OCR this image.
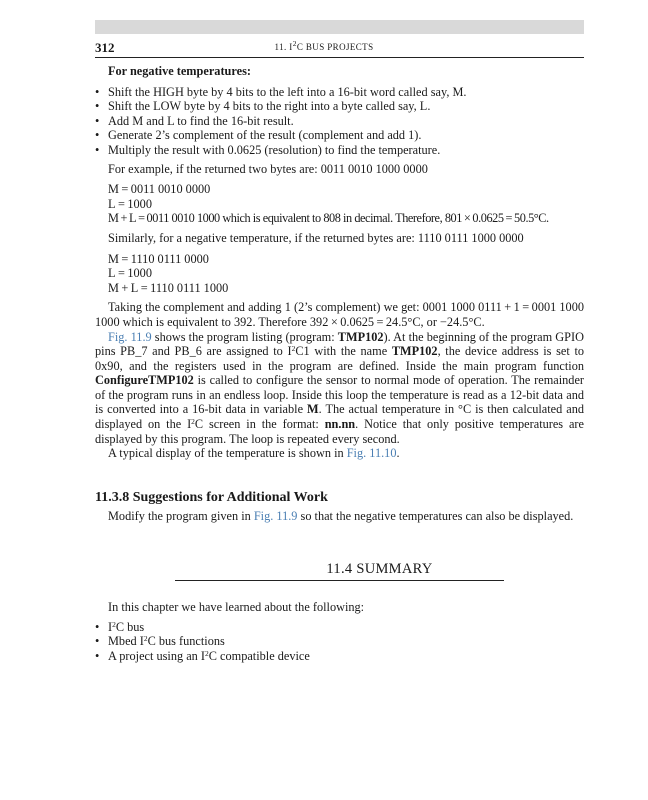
312	11. $I^2C$ BUS PROJECTS

For negative temperatures:

• Shift the HIGH byte by 4 bits to the left into a 16-bit word called say, M.
• Shift the LOW byte by 4 bits to the right into a byte called say, L.
• Add M and L to find the 16-bit result.
• Generate 2’s complement of the result (complement and add 1).
• Multiply the result with 0.0625 (resolution) to find the temperature.

For example, if the returned two bytes are: 0011 0010 1000 0000

M = 0011 0010 0000

L = 1000

M + L = 0011 0010 1000 which is equivalent to 808 in decimal. Therefore, 801 × 0.0625 = 50.5°C.

Similarly, for a negative temperature, if the returned bytes are: 1110 0111 1000 0000

M = 1110 0111 0000

L = 1000

M + L = 1110 0111 1000

Taking the complement and adding 1 (2’s complement) we get: 0001 1000 0111 + 1 = 0001 1000 1000 which is equivalent to 392. Therefore 392 × 0.0625 = 24.5°C, or −24.5°C.

Fig. 11.9 shows the program listing (program: TMP102). At the beginning of the program GPIO pins PB_7 and PB_6 are assigned to $I^2C1$ with the name TMP102, the device address is set to 0x90, and the registers used in the program are defined. Inside the main program function ConfigureTMP102 is called to configure the sensor to normal mode of operation. The remainder of the program runs in an endless loop. Inside this loop the temperature is read as a 12-bit data and is converted into a 16-bit data in variable M. The actual temperature in °C is then calculated and displayed on the $I^2C$ screen in the format: nn.nn. Notice that only positive temperatures are displayed by this program. The loop is repeated every second.

A typical display of the temperature is shown in Fig. 11.10.

11.3.8 Suggestions for Additional Work

Modify the program given in Fig. 11.9 so that the negative temperatures can also be displayed.

11.4 SUMMARY

In this chapter we have learned about the following:

• $I^2C$ bus
• Mbed $I^2C$ bus functions
• A project using an $I^2C$ compatible device
